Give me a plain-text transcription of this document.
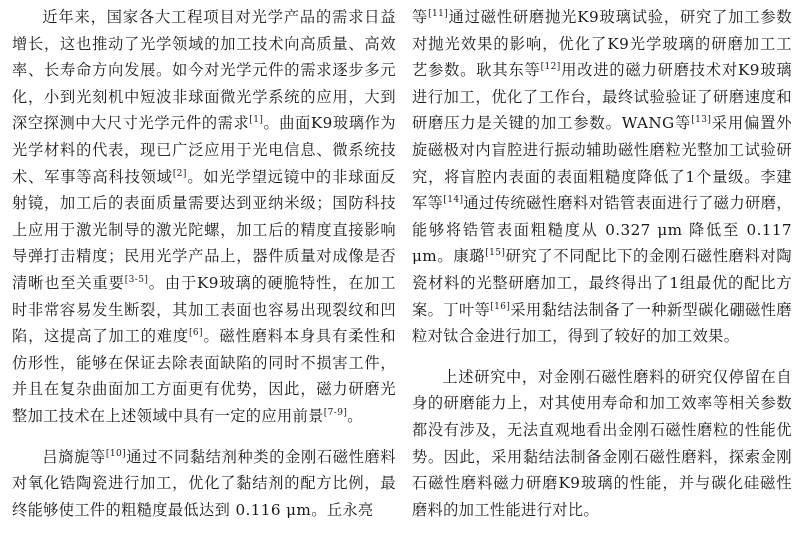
近年来，国家各大工程项目对光学产品的需求日益增长，这也推动了光学领域的加工技术向高质量、高效率、长寿命方向发展。如今对光学元件的需求逐步多元化，小到光刻机中短波非球面微光学系统的应用，大到深空探测中大尺寸光学元件的需求[1]。曲面K9玻璃作为光学材料的代表，现已广泛应用于光电信息、微系统技术、军事等高科技领域[2]。如光学望远镜中的非球面反射镜，加工后的表面质量需要达到亚纳米级；国防科技上应用于激光制导的激光陀螺，加工后的精度直接影响导弹打击精度；民用光学产品上，器件质量对成像是否清晰也至关重要[3-5]。由于K9玻璃的硬脆特性，在加工时非常容易发生断裂，其加工表面也容易出现裂纹和凹陷，这提高了加工的难度[6]。磁性磨料本身具有柔性和仿形性，能够在保证去除表面缺陷的同时不损害工件，并且在复杂曲面加工方面更有优势，因此，磁力研磨光整加工技术在上述领域中具有一定的应用前景[7-9]。

吕旖旎等[10]通过不同黏结剂种类的金刚石磁性磨料对氧化锆陶瓷进行加工，优化了黏结剂的配方比例，最终能够使工件的粗糙度最低达到 0.116 μm。丘永亮

等[11]通过磁性研磨抛光K9玻璃试验，研究了加工参数对抛光效果的影响，优化了K9光学玻璃的研磨加工工艺参数。耿其东等[12]用改进的磁力研磨技术对K9玻璃进行加工，优化了工作台，最终试验验证了研磨速度和研磨压力是关键的加工参数。WANG等[13]采用偏置外旋磁极对内盲腔进行振动辅助磁性磨粒光整加工试验研究，将盲腔内表面的表面粗糙度降低了1个量级。李建军等[14]通过传统磁性磨料对锆管表面进行了磁力研磨，能够将锆管表面粗糙度从 0.327 μm 降低至 0.117 μm。康璐[15]研究了不同配比下的金刚石磁性磨料对陶瓷材料的光整研磨加工，最终得出了1组最优的配比方案。丁叶等[16]采用黏结法制备了一种新型碳化硼磁性磨粒对钛合金进行加工，得到了较好的加工效果。

上述研究中，对金刚石磁性磨料的研究仅停留在自身的研磨能力上，对其使用寿命和加工效率等相关参数都没有涉及，无法直观地看出金刚石磁性磨粒的性能优势。因此，采用黏结法制备金刚石磁性磨料，探索金刚石磁性磨料磁力研磨K9玻璃的性能，并与碳化硅磁性磨料的加工性能进行对比。
